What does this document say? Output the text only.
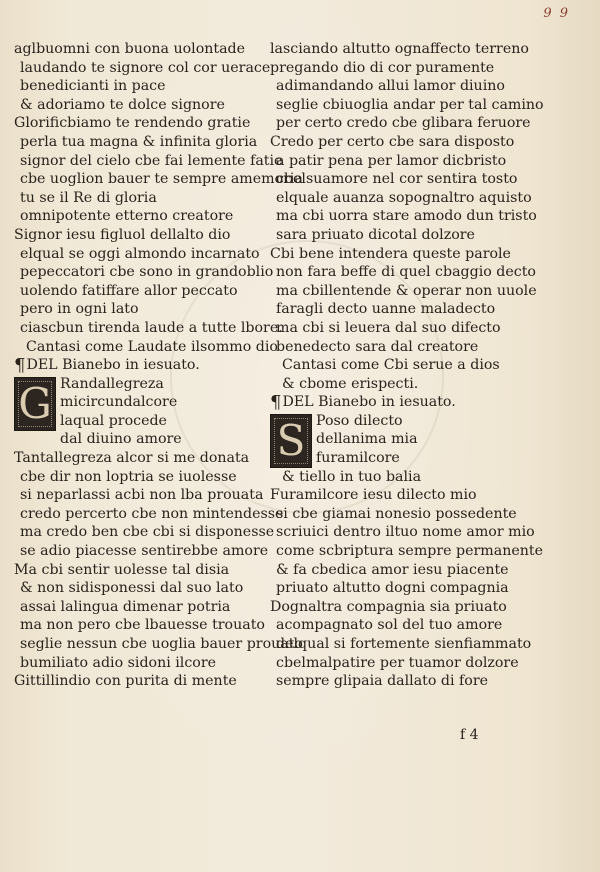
9 9
aglbuomni con buona uolontade
laudando te signore col cor uerace
benedicianti in pace
& adoriamo te dolce signore
Glorificbiamo te rendendo gratie
perla tua magna & infinita gloria
signor del cielo cbe fai lemente fatie
cbe uoglion bauer te sempre amemoria
tu se il Re di gloria
omnipotente etterno creatore
Signor iesu figluol dellalto dio
elqual se oggi almondo incarnato
pepeccatori cbe sono in grandoblio
uolendo fatiffare allor peccato
pero in ogni lato
ciascbun tirenda laude a tutte lbore.
Cantasi come Laudate ilsommo dio
¶DEL Bianebo in iesuato.
G Randallegreza
micircundalcore
laqual procede
dal diuino amore
Tantallegreza alcor si me donata
cbe dir non loptria se iuolesse
si neparlassi acbi non lba prouata
credo percerto cbe non mintendesse
ma credo ben cbe cbi si disponesse
se adio piacesse sentirebbe amore
Ma cbi sentir uolesse tal disia
& non sidisponessi dal suo lato
assai lalingua dimenar potria
ma non pero cbe lbauesse trouato
seglie nessun cbe uoglia bauer prouato
bumiliato adio sidoni ilcore
Gittillindio con purita di mente
lasciando altutto ognaffecto terreno
pregando dio di cor puramente
adimandando allui lamor diuino
seglie cbiuoglia andar per tal camino
per certo credo cbe glibara feruore
Credo per certo cbe sara disposto
a patir pena per lamor dicbristo
cbelsuamore nel cor sentira tosto
elquale auanza sopognaltro aquisto
ma cbi uorra stare amodo dun tristo
sara priuato dicotal dolzore
Cbi bene intendera queste parole
non fara beffe di quel cbaggio decto
ma cbillentende & operar non uuole
faragli decto uanne maladecto
ma cbi si leuera dal suo difecto
benedecto sara dal creatore
Cantasi come Cbi serue a dios
& cbome erispecti.
¶DEL Bianebo in iesuato.
S Poso dilecto
dellanima mia
furamilcore
& tiello in tuo balia
Furamilcore iesu dilecto mio
si cbe giamai nonesio possedente
scriuici dentro iltuo nome amor mio
come scbriptura sempre permanente
& fa cbedica amor iesu piacente
priuato altutto dogni compagnia
Dognaltra compagnia sia priuato
acompagnato sol del tuo amore
delqual si fortemente sienfiammato
cbelmalpatire per tuamor dolzore
sempre glipaia dallato di fore
f 4
